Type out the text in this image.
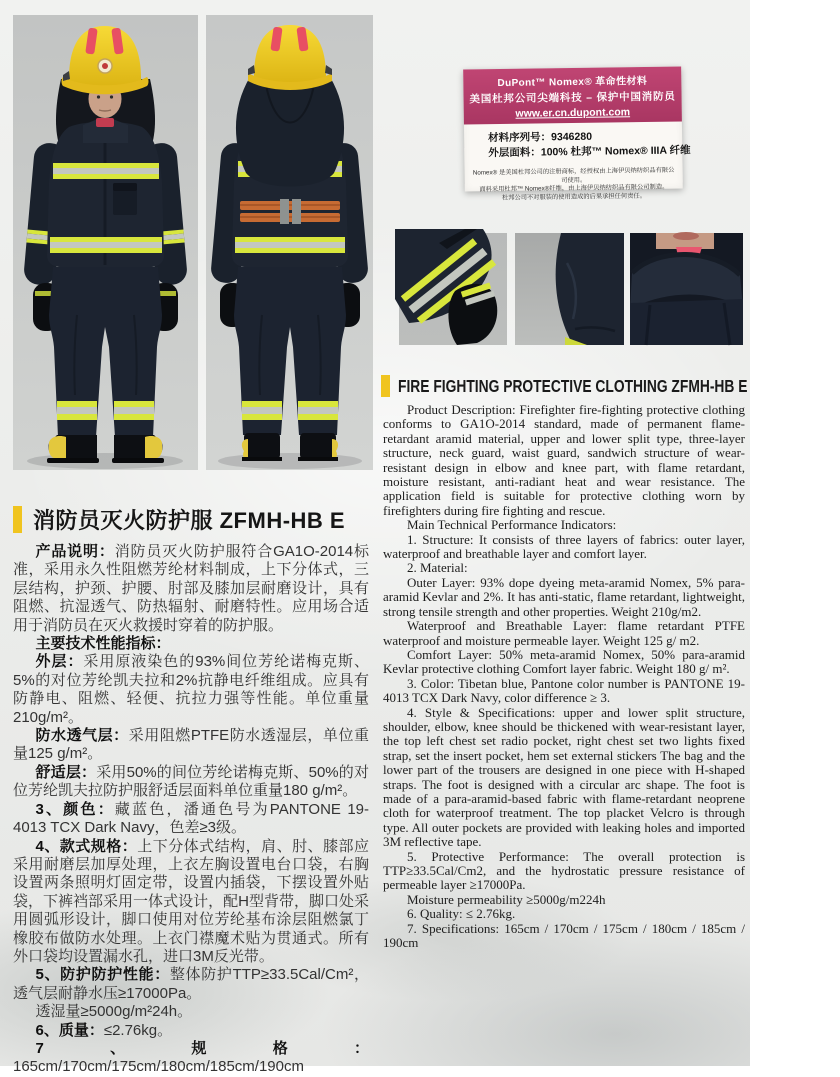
DuPont™ Nomex® 革命性材料
美国杜邦公司尖端科技 – 保护中国消防员
www.er.cn.dupont.com
材料序列号：9346280
外层面料：100% 杜邦™ Nomex® IIIA 纤维
Nomex® 是美国杜邦公司的注册商标，经授权由上海伊贝纳纺织品有限公司使用。
面料采用杜邦™ Nomex®纤维，由上海伊贝纳纺织品有限公司制造。
杜邦公司不对服装的使用造成的后果承担任何责任。
消防员灭火防护服 ZFMH-HB E

产品说明：消防员灭火防护服符合GA1O-2014标准，采用永久性阻燃芳纶材料制成，上下分体式，三层结构，护颈、护腰、肘部及膝加层耐磨设计，具有阻燃、抗湿透气、防热辐射、耐磨特性。应用场合适用于消防员在灭火救援时穿着的防护服。

主要技术性能指标：

外层：采用原液染色的93%间位芳纶诺梅克斯、5%的对位芳纶凯夫拉和2%抗静电纤维组成。应具有防静电、阻燃、轻便、抗拉力强等性能。单位重量210g/m²。

防水透气层：采用阻燃PTFE防水透湿层，单位重量125 g/m²。

舒适层：采用50%的间位芳纶诺梅克斯、50%的对位芳纶凯夫拉防护服舒适层面料单位重量180 g/m²。

3、颜色：藏蓝色，潘通色号为PANTONE 19-4013 TCX Dark Navy，色差≥3级。

4、款式规格：上下分体式结构，肩、肘、膝部应采用耐磨层加厚处理，上衣左胸设置电台口袋，右胸设置两条照明灯固定带，设置内插袋，下摆设置外贴袋，下裤裆部采用一体式设计，配H型背带，脚口处采用圆弧形设计，脚口使用对位芳纶基布涂层阻燃氯丁橡胶布做防水处理。上衣门襟魔术贴为贯通式。所有外口袋均设置漏水孔，进口3M反光带。

5、防护防护性能：整体防护TTP≥33.5Cal/Cm²，透气层耐静水压≥17000Pa。

透湿量≥5000g/m²24h。

6、质量：≤2.76kg。

7、规格：165cm/170cm/175cm/180cm/185cm/190cm

FIRE FIGHTING PROTECTIVE CLOTHING ZFMH-HB E

Product Description: Firefighter fire-fighting protective clothing conforms to GA1O-2014 standard, made of permanent flame-retardant aramid material, upper and lower split type, three-layer structure, neck guard, waist guard, sandwich structure of wear-resistant design in elbow and knee part, with flame retardant, moisture resistant, anti-radiant heat and wear resistance. The application field is suitable for protective clothing worn by firefighters during fire fighting and rescue.

Main Technical Performance Indicators:

1. Structure: It consists of three layers of fabrics: outer layer, waterproof and breathable layer and comfort layer.

2. Material:

Outer Layer: 93% dope dyeing meta-aramid Nomex, 5% para-aramid Kevlar and 2%. It has anti-static, flame retardant, lightweight, strong tensile strength and other properties. Weight 210g/m2.

Waterproof and Breathable Layer: flame retardant PTFE waterproof and moisture permeable layer. Weight 125 g/ m2.

Comfort Layer: 50% meta-aramid Nomex, 50% para-aramid Kevlar protective clothing Comfort layer fabric. Weight 180 g/ m².

3. Color: Tibetan blue, Pantone color number is PANTONE 19-4013 TCX Dark Navy, color difference ≥ 3.

4. Style & Specifications: upper and lower split structure, shoulder, elbow, knee should be thickened with wear-resistant layer, the top left chest set radio pocket, right chest set two lights fixed strap, set the insert pocket, hem set external stickers The bag and the lower part of the trousers are designed in one piece with H-shaped straps. The foot is designed with a circular arc shape. The foot is made of a para-aramid-based fabric with flame-retardant neoprene cloth for waterproof treatment. The top placket Velcro is through type. All outer pockets are provided with leaking holes and imported 3M reflective tape.

5. Protective Performance: The overall protection is TTP≥33.5Cal/Cm2, and the hydrostatic pressure resistance of permeable layer ≥17000Pa.

Moisture permeability ≥5000g/m224h

6. Quality: ≤ 2.76kg.

7. Specifications: 165cm / 170cm / 175cm / 180cm / 185cm / 190cm
